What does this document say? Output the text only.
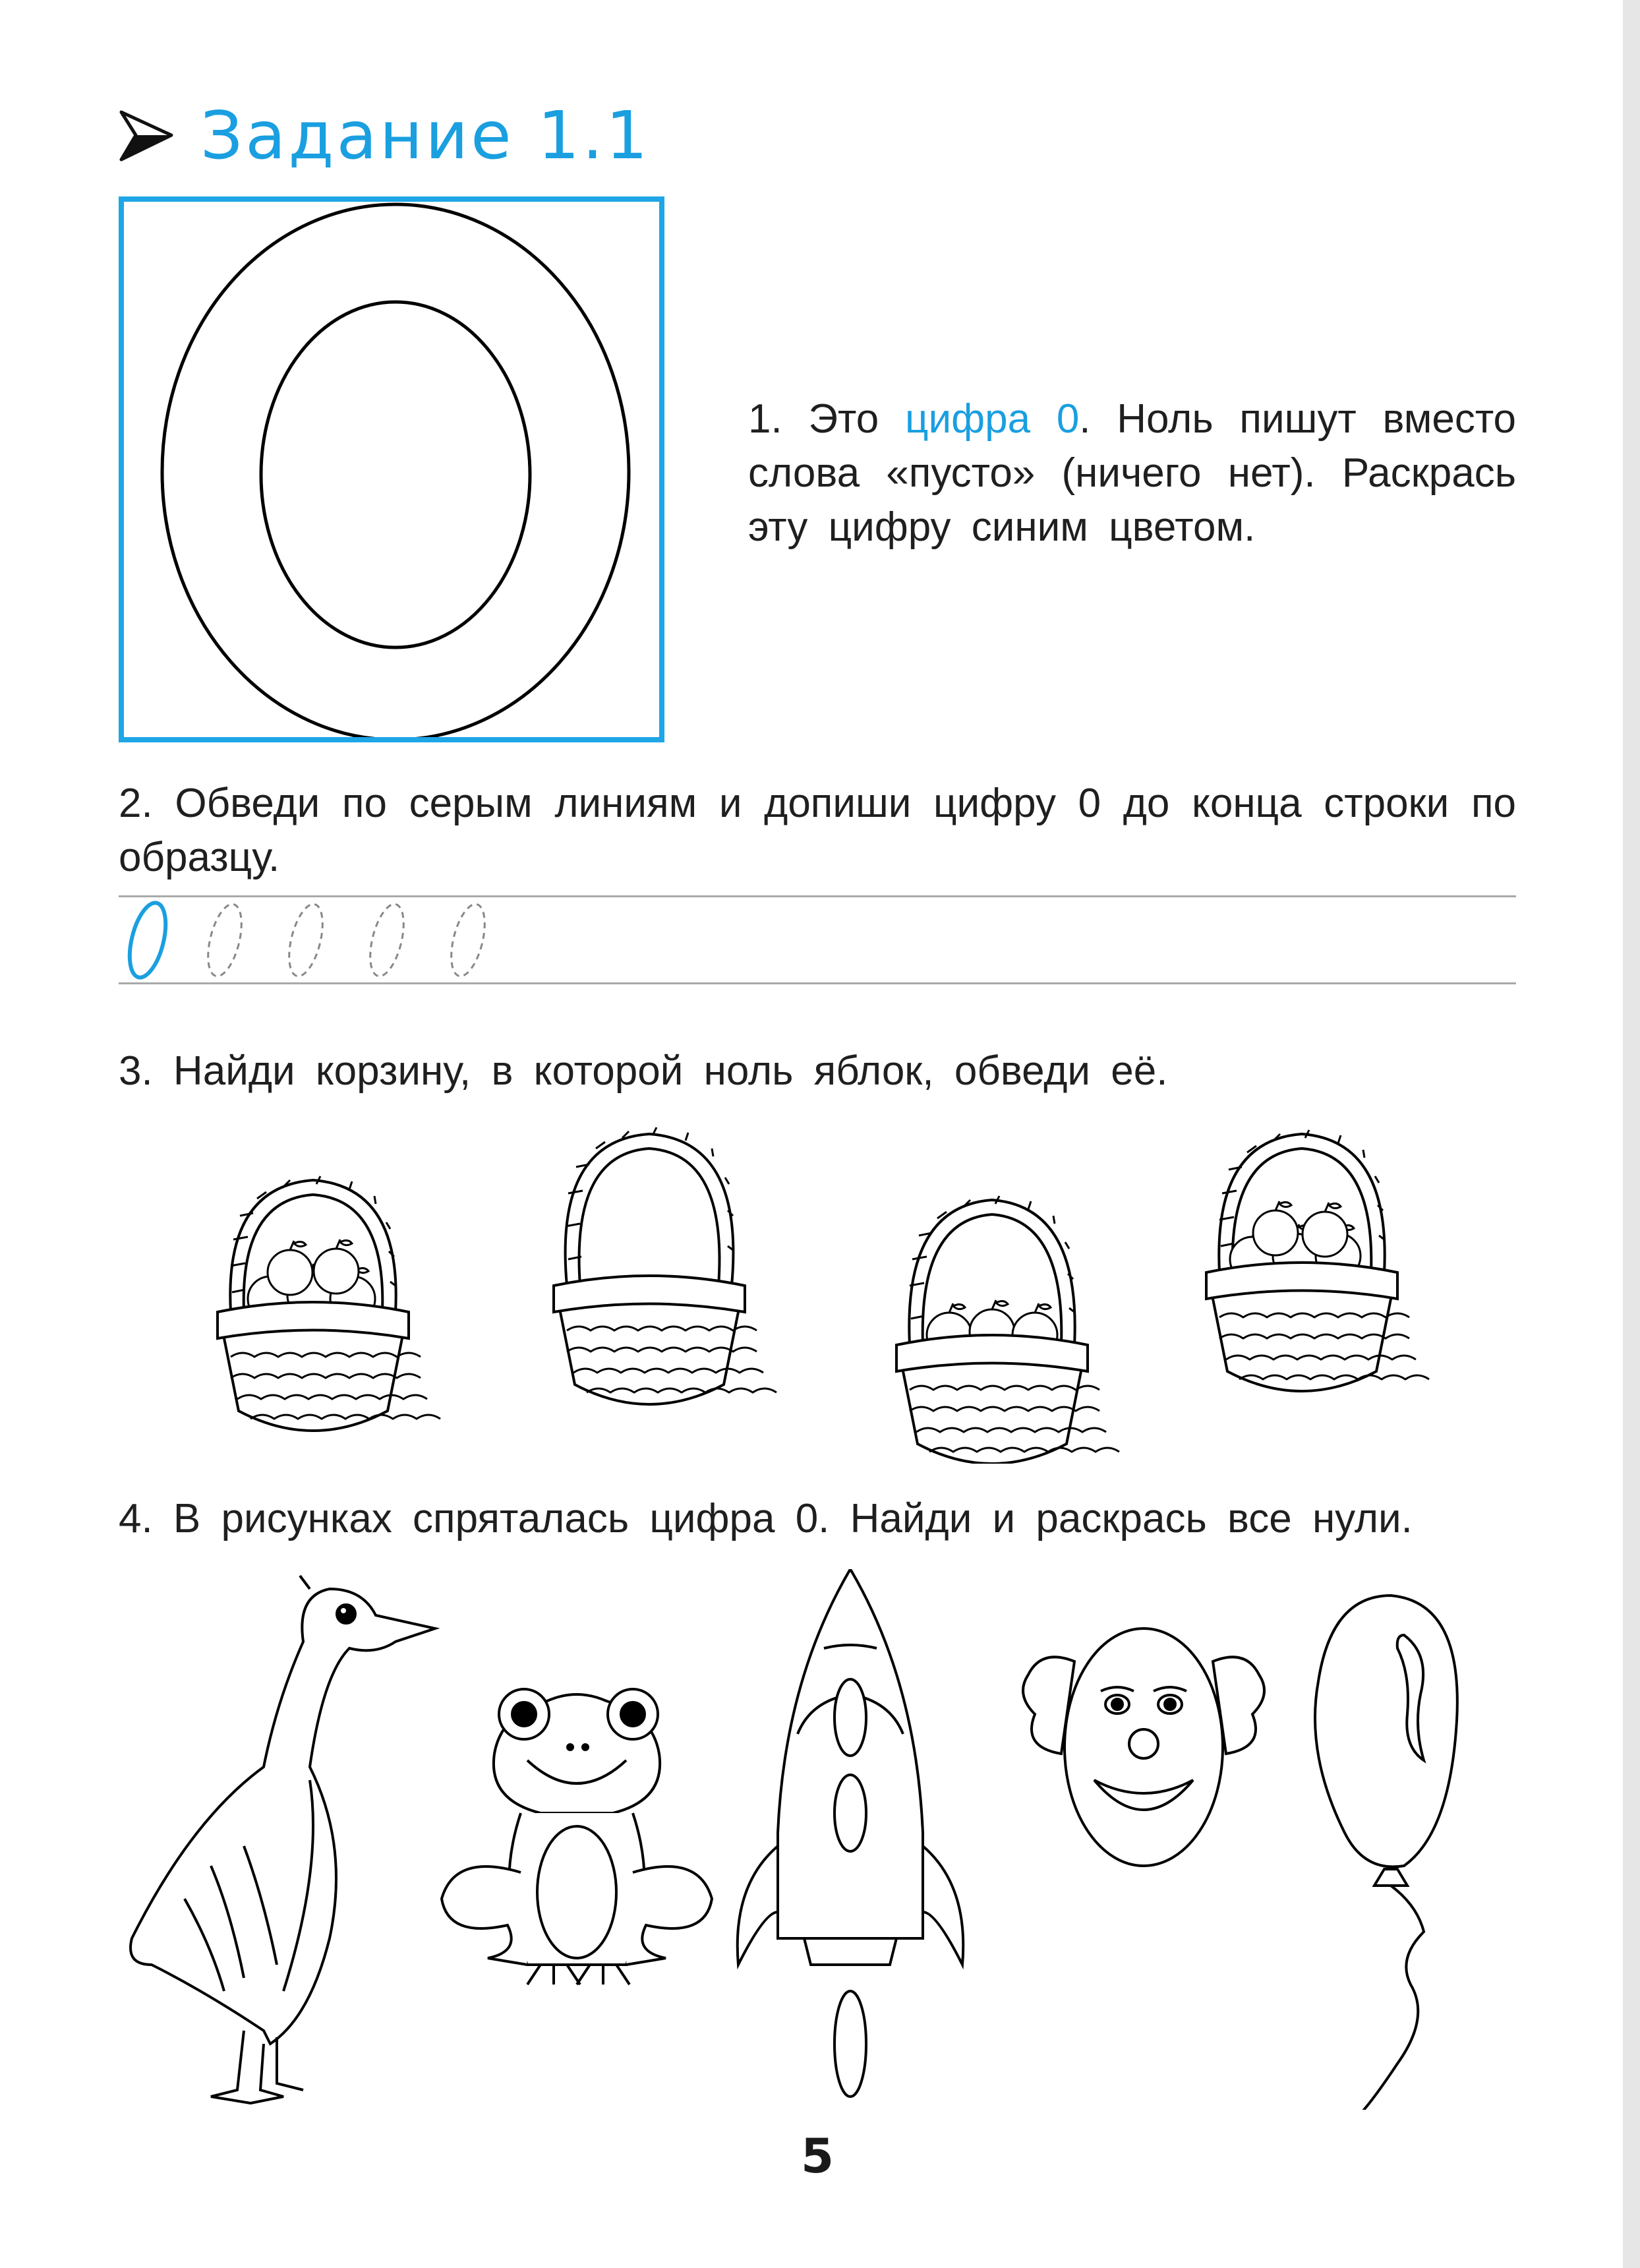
Задание 1.1
1. Это цифра 0. Ноль пишут вместо слова «пусто» (ничего нет). Раскрась эту цифру синим цветом.
2. Обведи по серым линиям и допиши цифру 0 до конца строки по образцу.
3. Найди корзину, в которой ноль яблок, обведи её.
4. В рисунках спряталась цифра 0. Найди и раскрась все нули.
5
